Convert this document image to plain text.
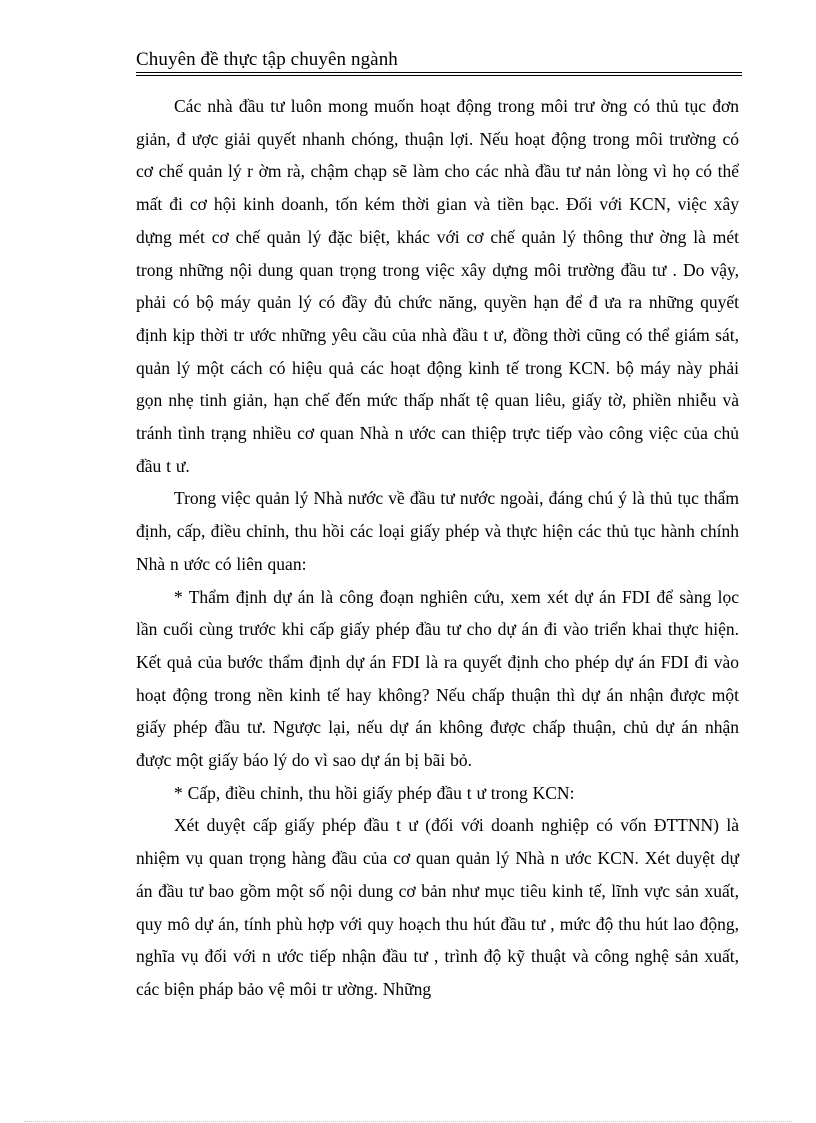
Chuyên đề thực tập chuyên ngành

Các nhà đầu tư luôn mong muốn hoạt động trong môi trư ờng có thủ tục đơn giản, đ ược giải quyết nhanh chóng, thuận lợi. Nếu hoạt động trong môi trường có cơ chế quản lý r ờm rà, chậm chạp sẽ làm cho các nhà đầu tư nản lòng vì họ có thể mất đi cơ hội kinh doanh, tốn kém thời gian và tiền bạc. Đối với KCN, việc xây dựng mét cơ chế quản lý đặc biệt, khác với cơ chế quản lý thông thư ờng là mét trong những nội dung quan trọng trong việc xây dựng môi trường đầu tư . Do vậy, phải có bộ máy quản lý có đầy đủ chức năng, quyền hạn để đ ưa ra những quyết định kịp thời tr ước những yêu cầu của nhà đầu t ư, đồng thời cũng có thể giám sát, quản lý một cách có hiệu quả các hoạt động kinh tế trong KCN. bộ máy này phải gọn nhẹ tinh giản, hạn chế đến mức thấp nhất tệ quan liêu, giấy tờ, phiền nhiễu và tránh tình trạng nhiều cơ quan Nhà n ước can thiệp trực tiếp vào công việc của chủ đầu t ư.

Trong việc quản lý Nhà nước về đầu tư nước ngoài, đáng chú ý là thủ tục thẩm định, cấp, điều chỉnh, thu hồi các loại giấy phép và thực hiện các thủ tục hành chính Nhà n ước có liên quan:

* Thẩm định dự án là công đoạn nghiên cứu, xem xét dự án FDI để sàng lọc lần cuối cùng trước khi cấp giấy phép đầu tư cho dự án đi vào triển khai thực hiện. Kết quả của bước thẩm định dự án FDI là ra quyết định cho phép dự án FDI đi vào hoạt động trong nền kinh tế hay không? Nếu chấp thuận thì dự án nhận được một giấy phép đầu tư. Ngược lại, nếu dự án không được chấp thuận, chủ dự án nhận được một giấy báo lý do vì sao dự án bị bãi bỏ.

* Cấp, điều chỉnh, thu hồi giấy phép đầu t ư trong KCN:

Xét duyệt cấp giấy phép đầu t ư (đối với doanh nghiệp có vốn ĐTTNN) là nhiệm vụ quan trọng hàng đầu của cơ quan quản lý Nhà n ước KCN. Xét duyệt dự án đầu tư bao gồm một số nội dung cơ bản như mục tiêu kinh tế, lĩnh vực sản xuất, quy mô dự án, tính phù hợp với quy hoạch thu hút đầu tư , mức độ thu hút lao động, nghĩa vụ đối với n ước tiếp nhận đầu tư , trình độ kỹ thuật và công nghệ sản xuất, các biện pháp bảo vệ môi tr ường. Những
